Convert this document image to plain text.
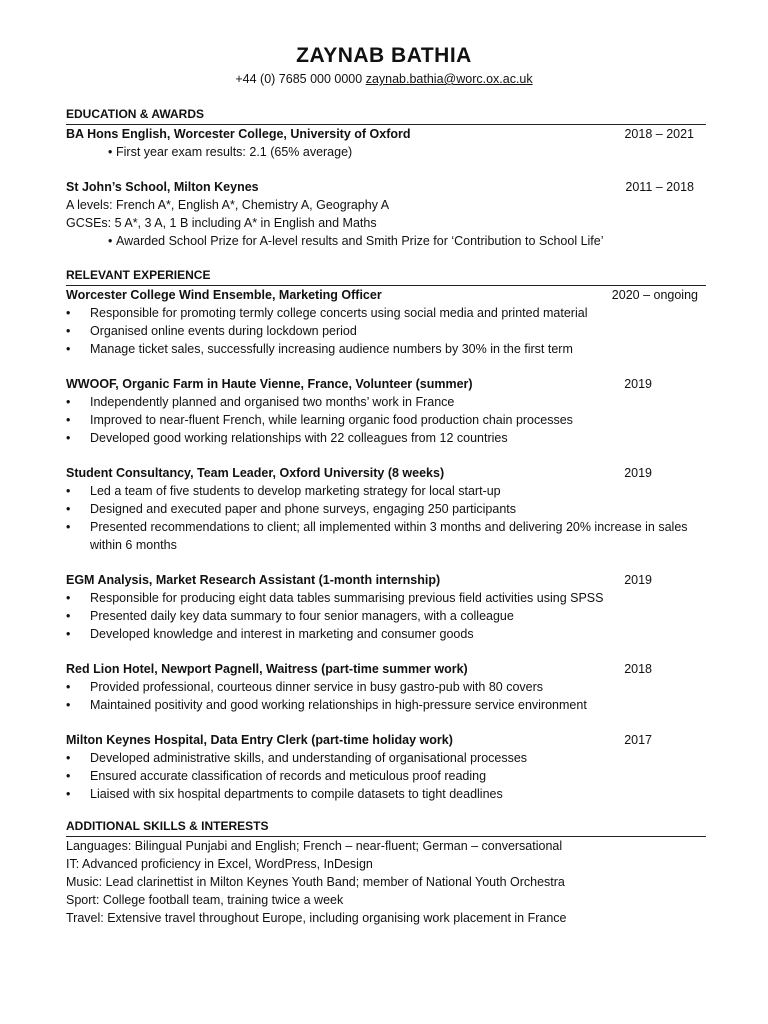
ZAYNAB BATHIA
+44 (0) 7685 000 0000 zaynab.bathia@worc.ox.ac.uk
EDUCATION & AWARDS
BA Hons English, Worcester College, University of Oxford	2018 – 2021
• First year exam results: 2.1 (65% average)
St John’s School, Milton Keynes	2011 – 2018
A levels: French A*, English A*, Chemistry A, Geography A
GCSEs: 5 A*, 3 A, 1 B including A* in English and Maths
• Awarded School Prize for A-level results and Smith Prize for ‘Contribution to School Life’
RELEVANT EXPERIENCE
Worcester College Wind Ensemble, Marketing Officer	2020 – ongoing
• Responsible for promoting termly college concerts using social media and printed material
• Organised online events during lockdown period
• Manage ticket sales, successfully increasing audience numbers by 30% in the first term
WWOOF, Organic Farm in Haute Vienne, France, Volunteer (summer)	2019
• Independently planned and organised two months’ work in France
• Improved to near-fluent French, while learning organic food production chain processes
• Developed good working relationships with 22 colleagues from 12 countries
Student Consultancy, Team Leader, Oxford University (8 weeks)	2019
• Led a team of five students to develop marketing strategy for local start-up
• Designed and executed paper and phone surveys, engaging 250 participants
• Presented recommendations to client; all implemented within 3 months and delivering 20% increase in sales within 6 months
EGM Analysis, Market Research Assistant (1-month internship)	2019
• Responsible for producing eight data tables summarising previous field activities using SPSS
• Presented daily key data summary to four senior managers, with a colleague
• Developed knowledge and interest in marketing and consumer goods
Red Lion Hotel, Newport Pagnell, Waitress (part-time summer work)	2018
• Provided professional, courteous dinner service in busy gastro-pub with 80 covers
• Maintained positivity and good working relationships in high-pressure service environment
Milton Keynes Hospital, Data Entry Clerk (part-time holiday work)	2017
• Developed administrative skills, and understanding of organisational processes
• Ensured accurate classification of records and meticulous proof reading
• Liaised with six hospital departments to compile datasets to tight deadlines
ADDITIONAL SKILLS & INTERESTS
Languages: Bilingual Punjabi and English; French – near-fluent; German – conversational
IT: Advanced proficiency in Excel, WordPress, InDesign
Music: Lead clarinettist in Milton Keynes Youth Band; member of National Youth Orchestra
Sport: College football team, training twice a week
Travel: Extensive travel throughout Europe, including organising work placement in France
